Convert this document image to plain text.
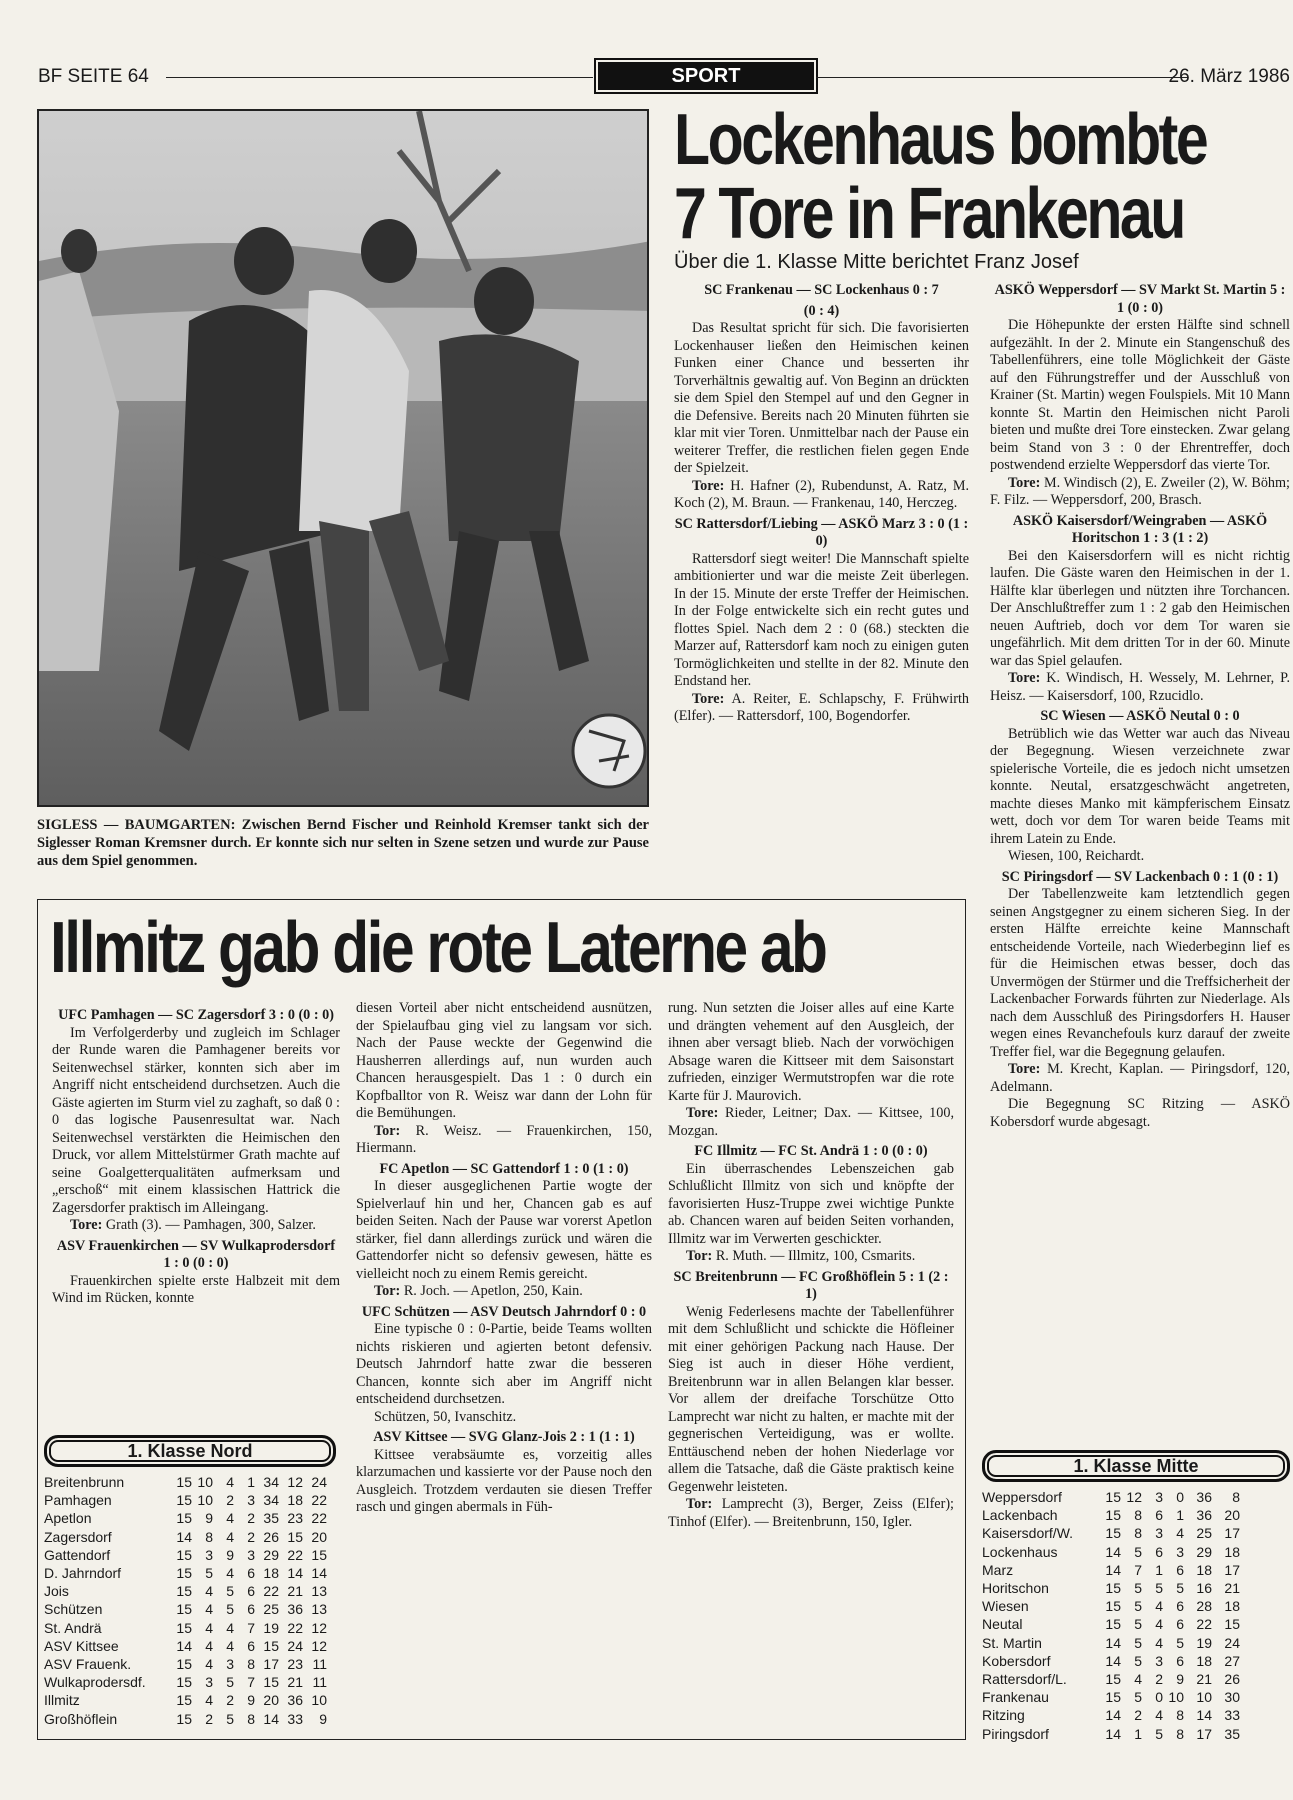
BF SEITE 64	SPORT	26. März 1986
SIGLESS — BAUMGARTEN: Zwischen Bernd Fischer und Reinhold Kremser tankt sich der Siglesser Roman Kremsner durch. Er konnte sich nur selten in Szene setzen und wurde zur Pause aus dem Spiel genommen.
Lockenhaus bombte
7 Tore in Frankenau
Über die 1. Klasse Mitte berichtet Franz Josef

SC Frankenau — SC Lockenhaus 0 : 7

(0 : 4)

Das Resultat spricht für sich. Die favorisierten Lockenhauser ließen den Heimischen keinen Funken einer Chance und besserten ihr Torverhältnis gewaltig auf. Von Beginn an drückten sie dem Spiel den Stempel auf und den Gegner in die Defensive. Bereits nach 20 Minuten führten sie klar mit vier Toren. Unmittelbar nach der Pause ein weiterer Treffer, die restlichen fielen gegen Ende der Spielzeit.

Tore: H. Hafner (2), Rubendunst, A. Ratz, M. Koch (2), M. Braun. — Frankenau, 140, Herczeg.

SC Rattersdorf/Liebing — ASKÖ Marz 3 : 0 (1 : 0)

Rattersdorf siegt weiter! Die Mannschaft spielte ambitionierter und war die meiste Zeit überlegen. In der 15. Minute der erste Treffer der Heimischen. In der Folge entwickelte sich ein recht gutes und flottes Spiel. Nach dem 2 : 0 (68.) steckten die Marzer auf, Rattersdorf kam noch zu einigen guten Tormöglichkeiten und stellte in der 82. Minute den Endstand her.

Tore: A. Reiter, E. Schlapschy, F. Frühwirth (Elfer). — Rattersdorf, 100, Bogendorfer.

ASKÖ Weppersdorf — SV Markt St. Martin 5 : 1 (0 : 0)

Die Höhepunkte der ersten Hälfte sind schnell aufgezählt. In der 2. Minute ein Stangenschuß des Tabellenführers, eine tolle Möglichkeit der Gäste auf den Führungstreffer und der Ausschluß von Krainer (St. Martin) wegen Foulspiels. Mit 10 Mann konnte St. Martin den Heimischen nicht Paroli bieten und mußte drei Tore einstecken. Zwar gelang beim Stand von 3 : 0 der Ehrentreffer, doch postwendend erzielte Weppersdorf das vierte Tor.

Tore: M. Windisch (2), E. Zweiler (2), W. Böhm; F. Filz. — Weppersdorf, 200, Brasch.

ASKÖ Kaisersdorf/Weingraben — ASKÖ Horitschon 1 : 3 (1 : 2)

Bei den Kaisersdorfern will es nicht richtig laufen. Die Gäste waren den Heimischen in der 1. Hälfte klar überlegen und nützten ihre Torchancen. Der Anschlußtreffer zum 1 : 2 gab den Heimischen neuen Auftrieb, doch vor dem Tor waren sie ungefährlich. Mit dem dritten Tor in der 60. Minute war das Spiel gelaufen.

Tore: K. Windisch, H. Wessely, M. Lehrner, P. Heisz. — Kaisersdorf, 100, Rzucidlo.

SC Wiesen — ASKÖ Neutal 0 : 0

Betrüblich wie das Wetter war auch das Niveau der Begegnung. Wiesen verzeichnete zwar spielerische Vorteile, die es jedoch nicht umsetzen konnte. Neutal, ersatzgeschwächt angetreten, machte dieses Manko mit kämpferischem Einsatz wett, doch vor dem Tor waren beide Teams mit ihrem Latein zu Ende.

Wiesen, 100, Reichardt.

SC Piringsdorf — SV Lackenbach 0 : 1 (0 : 1)

Der Tabellenzweite kam letztendlich gegen seinen Angstgegner zu einem sicheren Sieg. In der ersten Hälfte erreichte keine Mannschaft entscheidende Vorteile, nach Wiederbeginn lief es für die Heimischen etwas besser, doch das Unvermögen der Stürmer und die Treffsicherheit der Lackenbacher Forwards führten zur Niederlage. Als nach dem Ausschluß des Piringsdorfers H. Hauser wegen eines Revanchefouls kurz darauf der zweite Treffer fiel, war die Begegnung gelaufen.

Tore: M. Krecht, Kaplan. — Piringsdorf, 120, Adelmann.

Die Begegnung SC Ritzing — ASKÖ Kobersdorf wurde abgesagt.

Illmitz gab die rote Laterne ab

UFC Pamhagen — SC Zagersdorf 3 : 0 (0 : 0)

Im Verfolgerderby und zugleich im Schlager der Runde waren die Pamhagener bereits vor Seitenwechsel stärker, konnten sich aber im Angriff nicht entscheidend durchsetzen. Auch die Gäste agierten im Sturm viel zu zaghaft, so daß 0 : 0 das logische Pausenresultat war. Nach Seitenwechsel verstärkten die Heimischen den Druck, vor allem Mittelstürmer Grath machte auf seine Goalgetterqualitäten aufmerksam und „erschoß“ mit einem klassischen Hattrick die Zagersdorfer praktisch im Alleingang.

Tore: Grath (3). — Pamhagen, 300, Salzer.

ASV Frauenkirchen — SV Wulkaprodersdorf 1 : 0 (0 : 0)

Frauenkirchen spielte erste Halbzeit mit dem Wind im Rücken, konnte

diesen Vorteil aber nicht entscheidend ausnützen, der Spielaufbau ging viel zu langsam vor sich. Nach der Pause weckte der Gegenwind die Hausherren allerdings auf, nun wurden auch Chancen herausgespielt. Das 1 : 0 durch ein Kopfballtor von R. Weisz war dann der Lohn für die Bemühungen.

Tor: R. Weisz. — Frauenkirchen, 150, Hiermann.

FC Apetlon — SC Gattendorf 1 : 0 (1 : 0)

In dieser ausgeglichenen Partie wogte der Spielverlauf hin und her, Chancen gab es auf beiden Seiten. Nach der Pause war vorerst Apetlon stärker, fiel dann allerdings zurück und wären die Gattendorfer nicht so defensiv gewesen, hätte es vielleicht noch zu einem Remis gereicht.

Tor: R. Joch. — Apetlon, 250, Kain.

UFC Schützen — ASV Deutsch Jahrndorf 0 : 0

Eine typische 0 : 0-Partie, beide Teams wollten nichts riskieren und agierten betont defensiv. Deutsch Jahrndorf hatte zwar die besseren Chancen, konnte sich aber im Angriff nicht entscheidend durchsetzen.

Schützen, 50, Ivanschitz.

ASV Kittsee — SVG Glanz-Jois 2 : 1 (1 : 1)

Kittsee verabsäumte es, vorzeitig alles klarzumachen und kassierte vor der Pause noch den Ausgleich. Trotzdem verdauten sie diesen Treffer rasch und gingen abermals in Füh-

rung. Nun setzten die Joiser alles auf eine Karte und drängten vehement auf den Ausgleich, der ihnen aber versagt blieb. Nach der vorwöchigen Absage waren die Kittseer mit dem Saisonstart zufrieden, einziger Wermutstropfen war die rote Karte für J. Maurovich.

Tore: Rieder, Leitner; Dax. — Kittsee, 100, Mozgan.

FC Illmitz — FC St. Andrä 1 : 0 (0 : 0)

Ein überraschendes Lebenszeichen gab Schlußlicht Illmitz von sich und knöpfte der favorisierten Husz-Truppe zwei wichtige Punkte ab. Chancen waren auf beiden Seiten vorhanden, Illmitz war im Verwerten geschickter.

Tor: R. Muth. — Illmitz, 100, Csmarits.

SC Breitenbrunn — FC Großhöflein 5 : 1 (2 : 1)

Wenig Federlesens machte der Tabellenführer mit dem Schlußlicht und schickte die Höfleiner mit einer gehörigen Packung nach Hause. Der Sieg ist auch in dieser Höhe verdient, Breitenbrunn war in allen Belangen klar besser. Vor allem der dreifache Torschütze Otto Lamprecht war nicht zu halten, er machte mit der gegnerischen Verteidigung, was er wollte. Enttäuschend neben der hohen Niederlage vor allem die Tatsache, daß die Gäste praktisch keine Gegenwehr leisteten.

Tor: Lamprecht (3), Berger, Zeiss (Elfer); Tinhof (Elfer). — Breitenbrunn, 150, Igler.

1. Klasse Nord
Breitenbrunn	15 10 4 1 34 12 24
Pamhagen	15 10 2 3 34 18 22
Apetlon	15 9 4 2 35 23 22
Zagersdorf	14 8 4 2 26 15 20
Gattendorf	15 3 9 3 29 22 15
D. Jahrndorf	15 5 4 6 18 14 14
Jois	15 4 5 6 22 21 13
Schützen	15 4 5 6 25 36 13
St. Andrä	15 4 4 7 19 22 12
ASV Kittsee	14 4 4 6 15 24 12
ASV Frauenk.	15 4 3 8 17 23 11
Wulkaprodersdf.	15 3 5 7 15 21 11
Illmitz	15 4 2 9 20 36 10
Großhöflein	15 2 5 8 14 33	9
1. Klasse Mitte
Weppersdorf	15 12 3 0 36	8
Lackenbach	15 8 6 1 36 20
Kaisersdorf/W.	15 8 3 4 25 17
Lockenhaus	14 5 6 3 29 18
Marz	14 7 1 6 18 17
Horitschon	15 5 5 5 16 21
Wiesen	15 5 4 6 28 18
Neutal	15 5 4 6 22 15
St. Martin	14 5 4 5 19 24
Kobersdorf	14 5 3 6 18 27
Rattersdorf/L.	15 4 2 9 21 26
Frankenau	15 5 0 10 10 30
Ritzing	14 2 4 8 14 33
Piringsdorf	14 1 5 8 17 35
